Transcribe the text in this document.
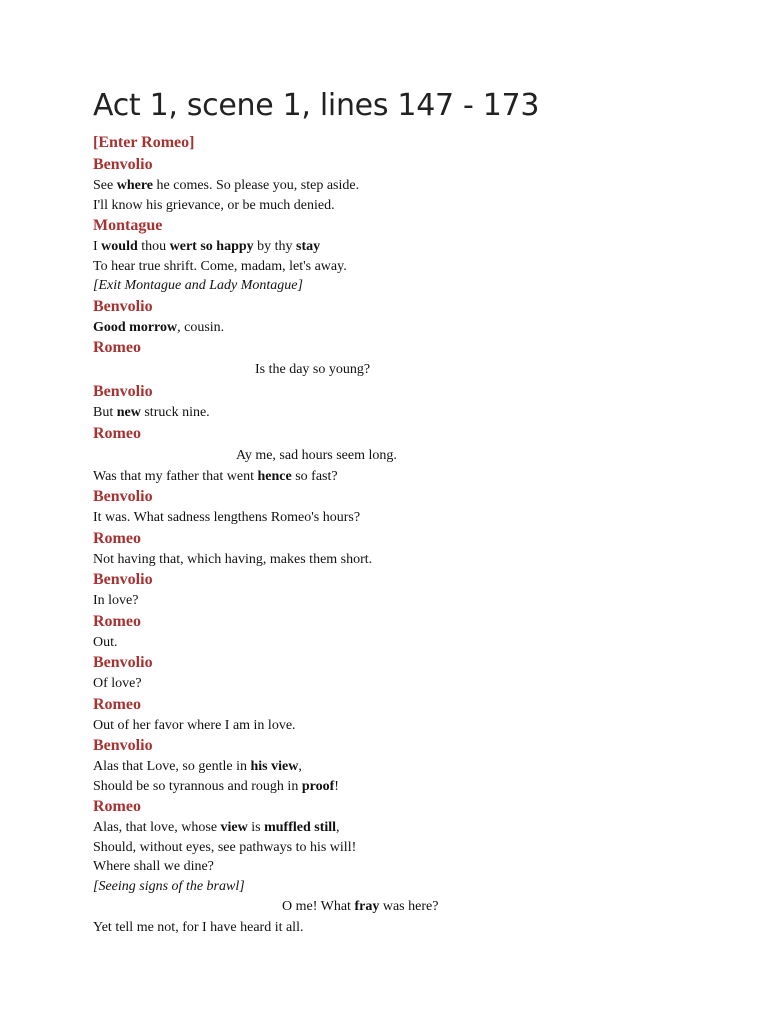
Act 1, scene 1, lines 147 - 173
[Enter Romeo]
Benvolio
See where he comes. So please you, step aside.
I'll know his grievance, or be much denied.
Montague
I would thou wert so happy by thy stay
To hear true shrift. Come, madam, let's away.
[Exit Montague and Lady Montague]
Benvolio
Good morrow, cousin.
Romeo
Is the day so young?
Benvolio
But new struck nine.
Romeo
Ay me, sad hours seem long.
Was that my father that went hence so fast?
Benvolio
It was. What sadness lengthens Romeo's hours?
Romeo
Not having that, which having, makes them short.
Benvolio
In love?
Romeo
Out.
Benvolio
Of love?
Romeo
Out of her favor where I am in love.
Benvolio
Alas that Love, so gentle in his view,
Should be so tyrannous and rough in proof!
Romeo
Alas, that love, whose view is muffled still,
Should, without eyes, see pathways to his will!
Where shall we dine?
[Seeing signs of the brawl]
O me! What fray was here?
Yet tell me not, for I have heard it all.
